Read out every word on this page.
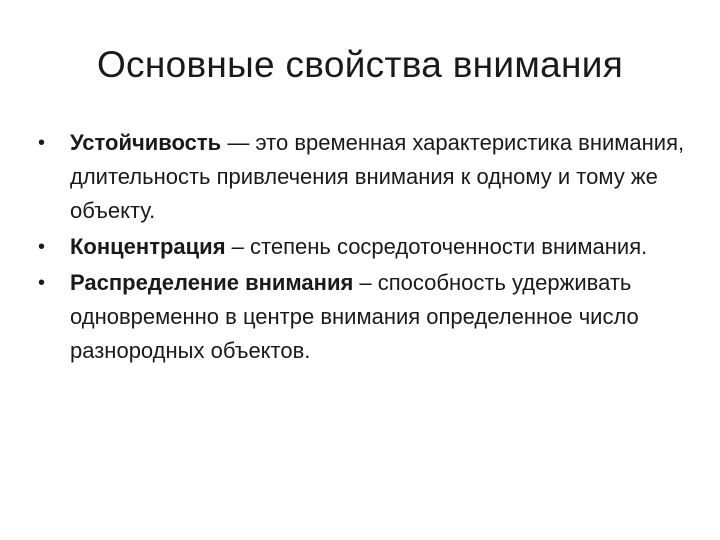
Основные свойства внимания
•	Устойчивость — это временная характеристика внимания, длительность привлечения внимания к одному и тому же объекту.
•	Концентрация – степень сосредоточенности внимания.
•	Распределение внимания – способность удерживать одновременно в центре внимания определенное число разнородных объектов.
